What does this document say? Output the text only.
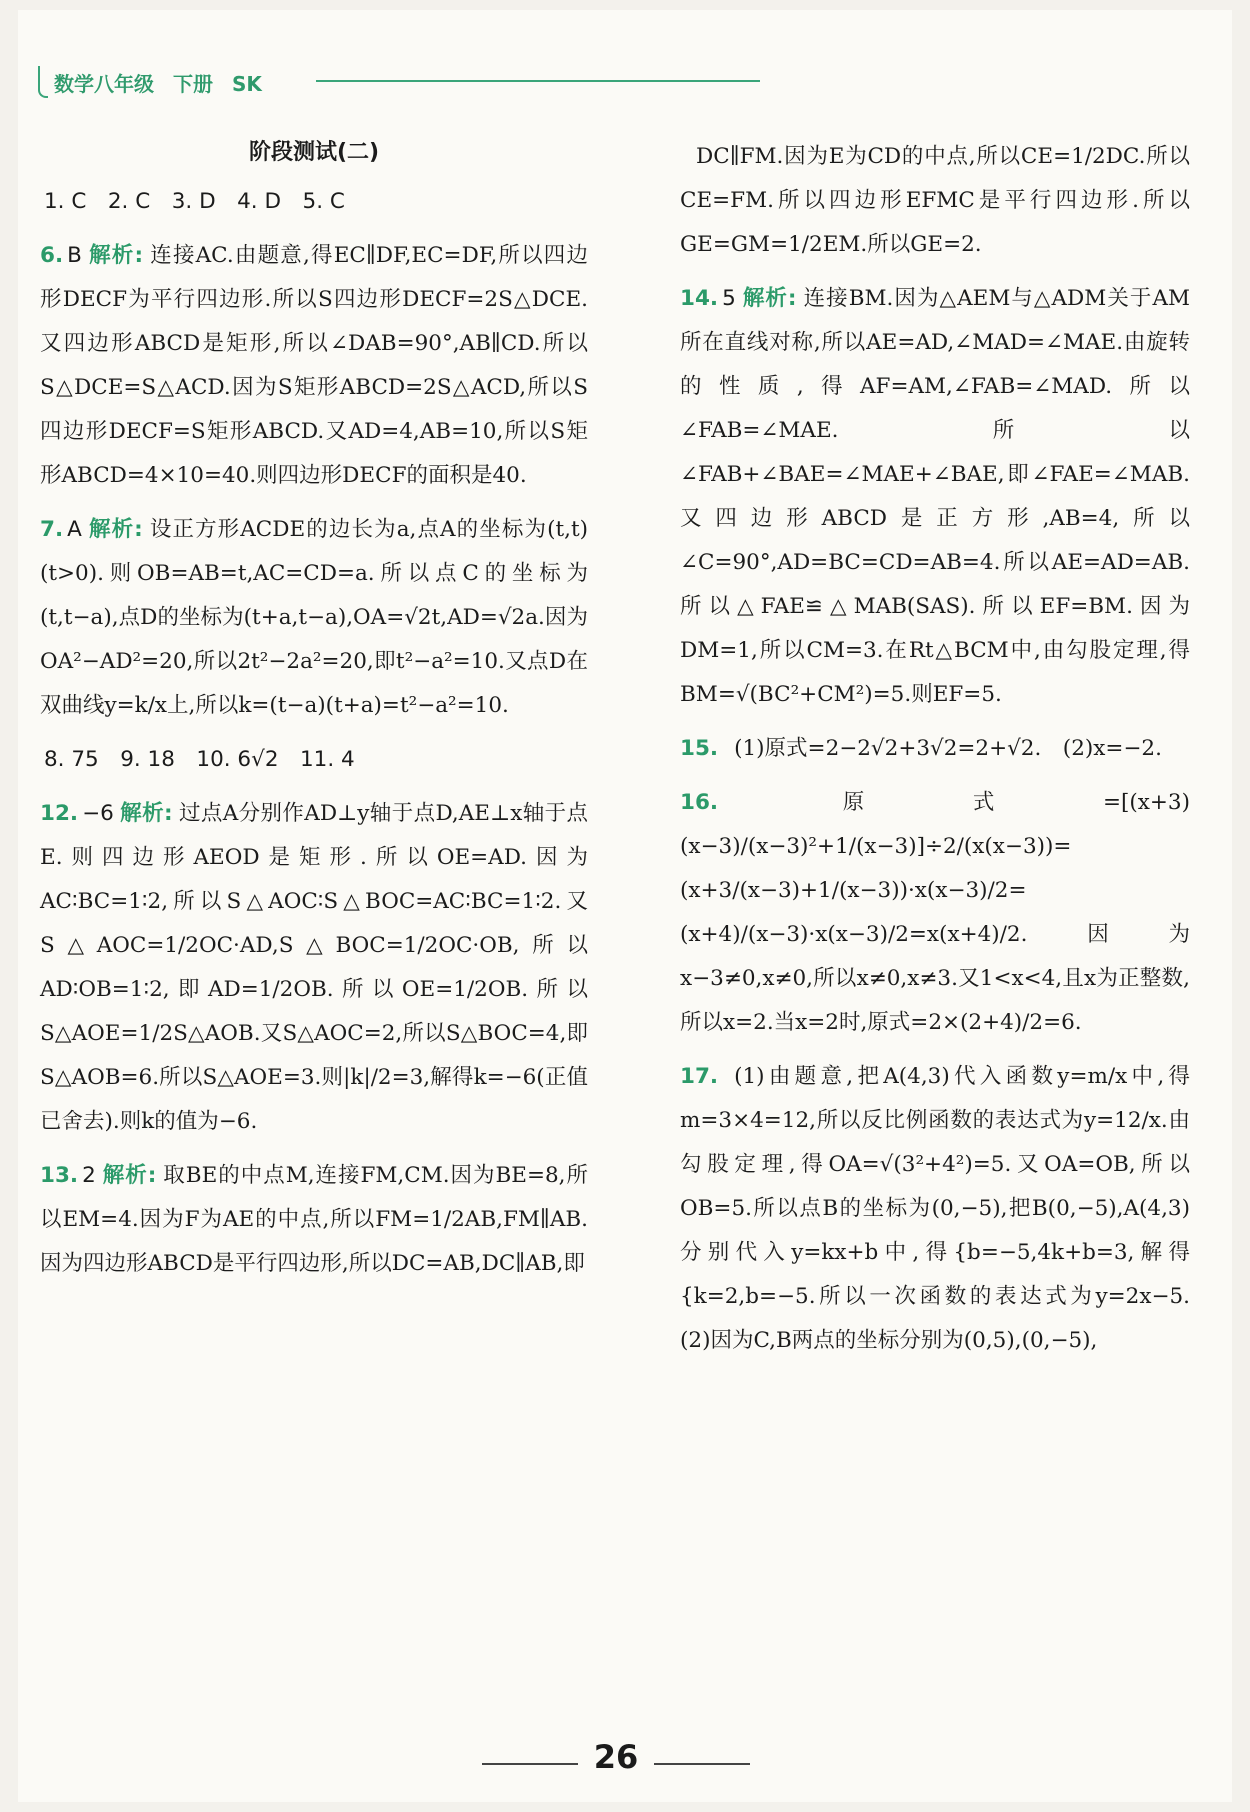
数学八年级 下册 SK
阶段测试(二)
1. C　2. C　3. D　4. D　5. C
6. B 解析: 连接AC.由题意,得EC∥DF,EC=DF,所以四边形DECF为平行四边形.所以S四边形DECF=2S△DCE.又四边形ABCD是矩形,所以∠DAB=90°,AB∥CD.所以S△DCE=S△ACD.因为S矩形ABCD=2S△ACD,所以S四边形DECF=S矩形ABCD.又AD=4,AB=10,所以S矩形ABCD=4×10=40.则四边形DECF的面积是40.
7. A 解析: 设正方形ACDE的边长为a,点A的坐标为(t,t)(t>0).则OB=AB=t,AC=CD=a.所以点C的坐标为(t,t−a),点D的坐标为(t+a,t−a),OA=√2t,AD=√2a.因为OA²−AD²=20,所以2t²−2a²=20,即t²−a²=10.又点D在双曲线y=k/x上,所以k=(t−a)(t+a)=t²−a²=10.
8. 75　9. 18　10. 6√2　11. 4
12. −6 解析: 过点A分别作AD⊥y轴于点D,AE⊥x轴于点E.则四边形AEOD是矩形.所以OE=AD.因为AC∶BC=1∶2,所以S△AOC∶S△BOC=AC∶BC=1∶2.又S△AOC=1/2OC·AD,S△BOC=1/2OC·OB,所以AD∶OB=1∶2,即AD=1/2OB.所以OE=1/2OB.所以S△AOE=1/2S△AOB.又S△AOC=2,所以S△BOC=4,即S△AOB=6.所以S△AOE=3.则|k|/2=3,解得k=−6(正值已舍去).则k的值为−6.
13. 2 解析: 取BE的中点M,连接FM,CM.因为BE=8,所以EM=4.因为F为AE的中点,所以FM=1/2AB,FM∥AB.因为四边形ABCD是平行四边形,所以DC=AB,DC∥AB,即
DC∥FM.因为E为CD的中点,所以CE=1/2DC.所以CE=FM.所以四边形EFMC是平行四边形.所以GE=GM=1/2EM.所以GE=2.
14. 5 解析: 连接BM.因为△AEM与△ADM关于AM所在直线对称,所以AE=AD,∠MAD=∠MAE.由旋转的性质,得AF=AM,∠FAB=∠MAD.所以∠FAB=∠MAE.所以∠FAB+∠BAE=∠MAE+∠BAE,即∠FAE=∠MAB.又四边形ABCD是正方形,AB=4,所以∠C=90°,AD=BC=CD=AB=4.所以AE=AD=AB.所以△FAE≌△MAB(SAS).所以EF=BM.因为DM=1,所以CM=3.在Rt△BCM中,由勾股定理,得BM=√(BC²+CM²)=5.则EF=5.
15. (1)原式=2−2√2+3√2=2+√2.　(2)x=−2.
16. 原式=[(x+3)(x−3)/(x−3)²+1/(x−3)]÷2/(x(x−3))=(x+3/(x−3)+1/(x−3))·x(x−3)/2=(x+4)/(x−3)·x(x−3)/2=x(x+4)/2.因为x−3≠0,x≠0,所以x≠0,x≠3.又1<x<4,且x为正整数,所以x=2.当x=2时,原式=2×(2+4)/2=6.
17. (1)由题意,把A(4,3)代入函数y=m/x中,得m=3×4=12,所以反比例函数的表达式为y=12/x.由勾股定理,得OA=√(3²+4²)=5.又OA=OB,所以OB=5.所以点B的坐标为(0,−5),把B(0,−5),A(4,3)分别代入y=kx+b中,得{b=−5,4k+b=3,解得{k=2,b=−5.所以一次函数的表达式为y=2x−5.　(2)因为C,B两点的坐标分别为(0,5),(0,−5),
26
